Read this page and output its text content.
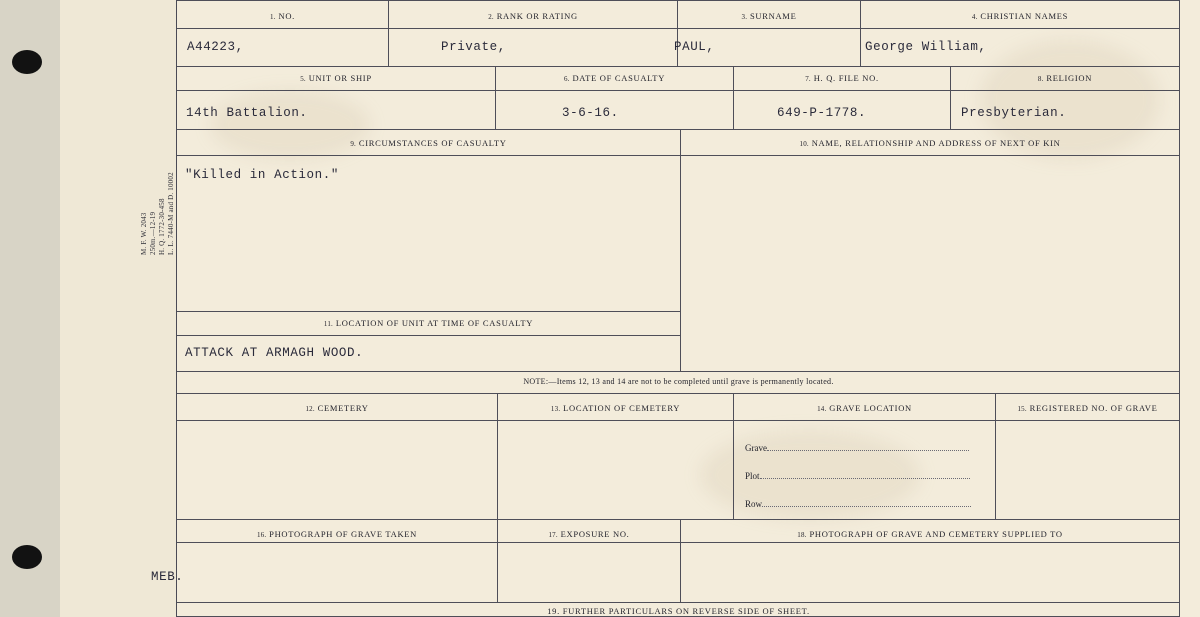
M. F. W. 2043 250m.—12-19 H. Q. 1772-30-458 L. L. 7440-M and D. 10002
1. NO.	2. RANK OR RATING	3. SURNAME	4. CHRISTIAN NAMES
A44223,	Private,	PAUL,	George William,
5. UNIT OR SHIP	6. DATE OF CASUALTY	7. H. Q. FILE NO.	8. RELIGION
14th Battalion.	3-6-16.	649-P-1778.	Presbyterian.
9. CIRCUMSTANCES OF CASUALTY	10. NAME, RELATIONSHIP AND ADDRESS OF NEXT OF KIN
"Killed in Action."
11. LOCATION OF UNIT AT TIME OF CASUALTY
ATTACK AT ARMAGH WOOD.
NOTE:—Items 12, 13 and 14 are not to be completed until grave is permanently located.
12. CEMETERY	13. LOCATION OF CEMETERY	14. GRAVE LOCATION	15. REGISTERED NO. OF GRAVE
Grave
Plot
Row
16. PHOTOGRAPH OF GRAVE TAKEN	17. EXPOSURE NO.	18. PHOTOGRAPH OF GRAVE AND CEMETERY SUPPLIED TO
MEB.
19. FURTHER PARTICULARS ON REVERSE SIDE OF SHEET.
